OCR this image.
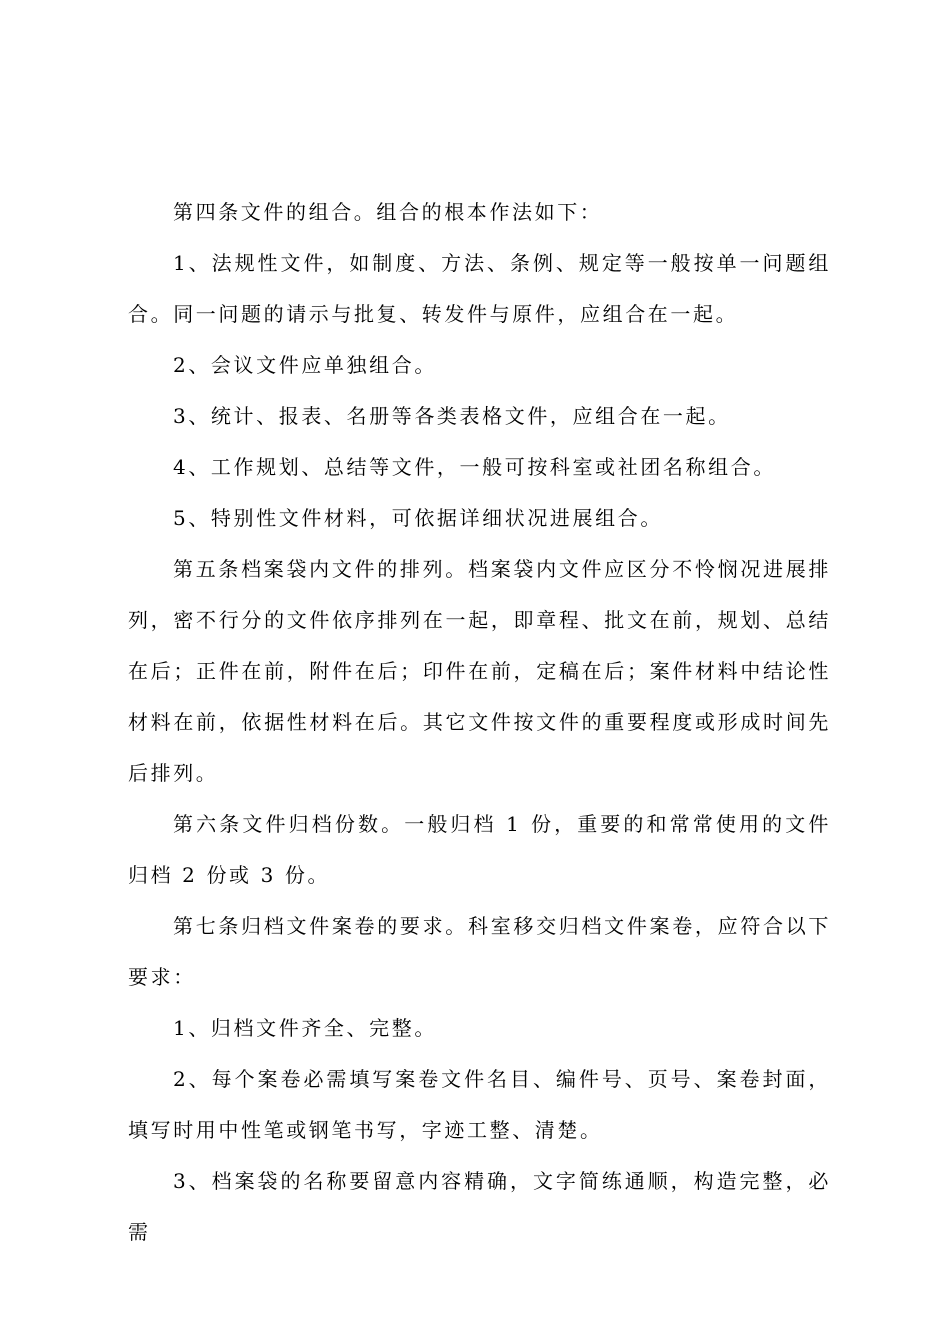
第四条文件的组合。组合的根本作法如下：

1、法规性文件，如制度、方法、条例、规定等一般按单一问题组合。同一问题的请示与批复、转发件与原件，应组合在一起。

2、会议文件应单独组合。

3、统计、报表、名册等各类表格文件，应组合在一起。

4、工作规划、总结等文件，一般可按科室或社团名称组合。

5、特别性文件材料，可依据详细状况进展组合。

第五条档案袋内文件的排列。档案袋内文件应区分不怜悯况进展排列，密不行分的文件依序排列在一起，即章程、批文在前，规划、总结在后；正件在前，附件在后；印件在前，定稿在后；案件材料中结论性材料在前，依据性材料在后。其它文件按文件的重要程度或形成时间先后排列。

第六条文件归档份数。一般归档 1 份，重要的和常常使用的文件归档 2 份或 3 份。

第七条归档文件案卷的要求。科室移交归档文件案卷，应符合以下要求：

1、归档文件齐全、完整。

2、每个案卷必需填写案卷文件名目、编件号、页号、案卷封面，填写时用中性笔或钢笔书写，字迹工整、清楚。

3、档案袋的名称要留意内容精确，文字简练通顺，构造完整，必需
